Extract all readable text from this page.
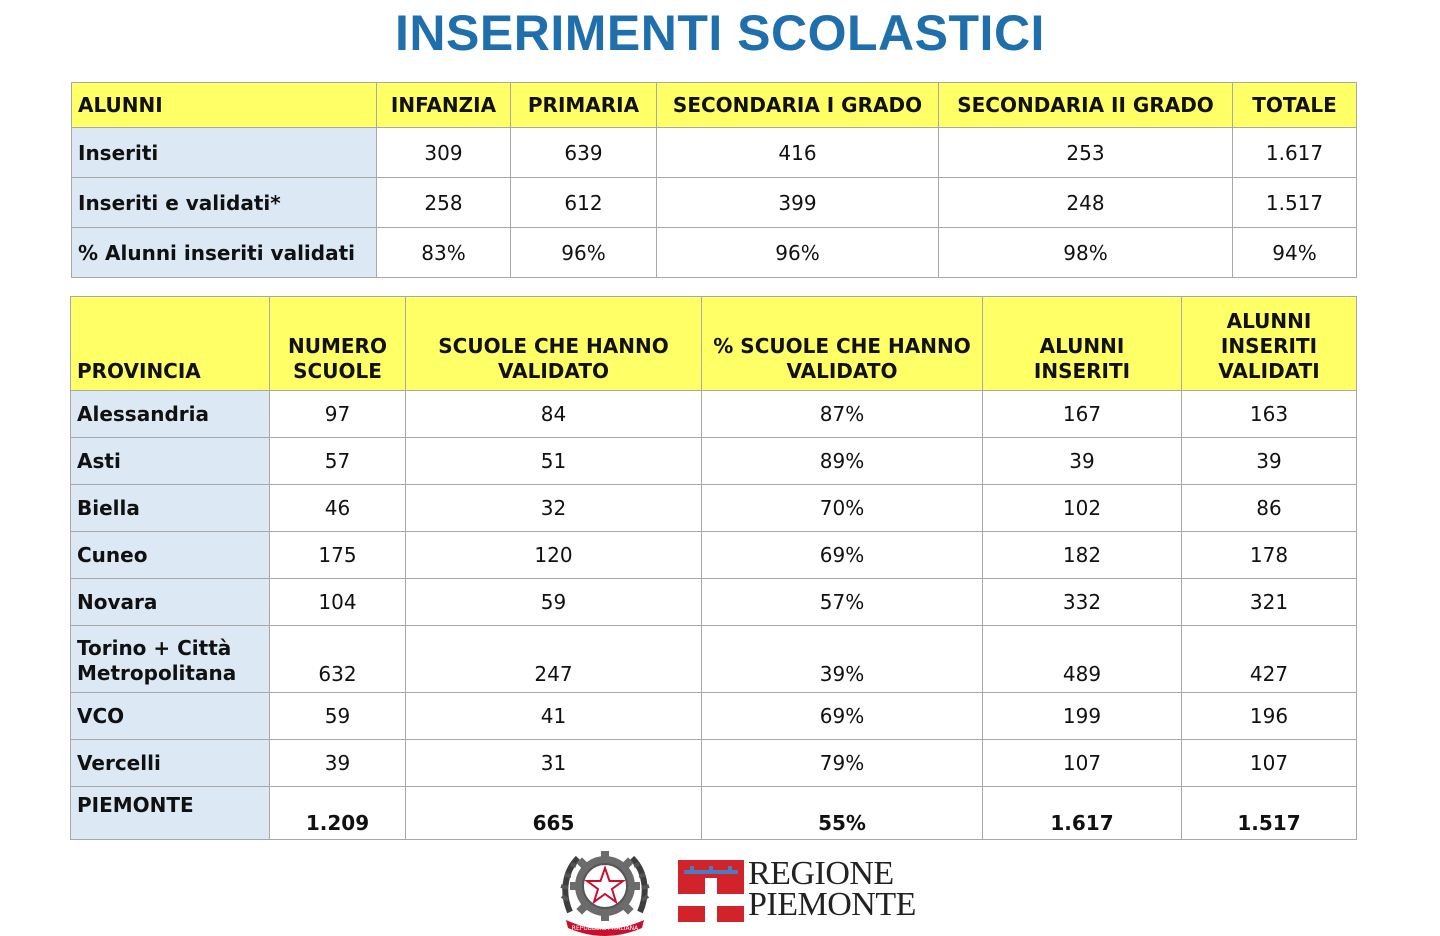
INSERIMENTI SCOLASTICI
ALUNNI	INFANZIA	PRIMARIA	SECONDARIA I GRADO	SECONDARIA II GRADO	TOTALE
Inseriti	309	639	416	253	1.617
Inseriti e validati*	258	612	399	248	1.517
% Alunni inseriti validati	83%	96%	96%	98%	94%
PROVINCIA	NUMERO SCUOLE	SCUOLE CHE HANNO VALIDATO	% SCUOLE CHE HANNO VALIDATO	ALUNNI INSERITI	ALUNNI INSERITI VALIDATI
Alessandria	97	84	87%	167	163
Asti	57	51	89%	39	39
Biella	46	32	70%	102	86
Cuneo	175	120	69%	182	178
Novara	104	59	57%	332	321
Torino + Città Metropolitana	632	247	39%	489	427
VCO	59	41	69%	199	196
Vercelli	39	31	79%	107	107
PIEMONTE	1.209	665	55%	1.617	1.517
REPUBBLICA ITALIANA
REGIONE
PIEMONTE
